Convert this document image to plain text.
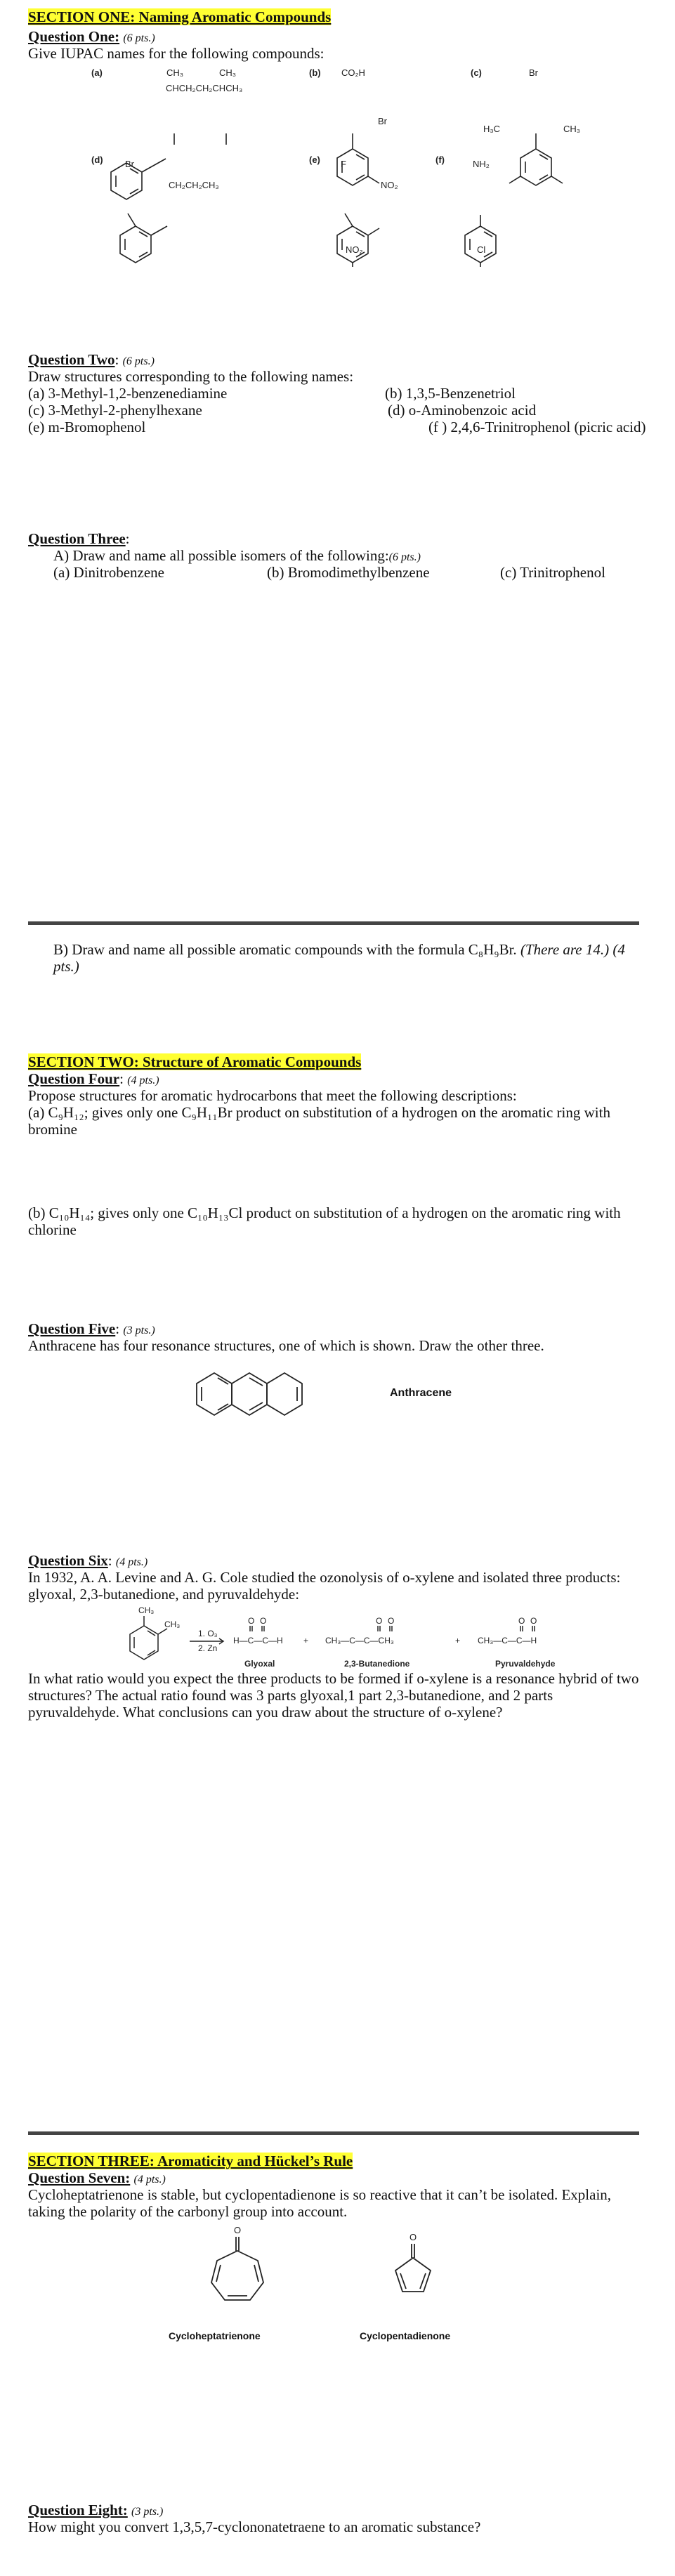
SECTION ONE: Naming Aromatic Compounds
Question One: (6 pts.)
Give IUPAC names for the following compounds:
(a)	(b)	(c)
(d)	(e)	(f)
CH₃	CH₃
CHCH₂CH₂CHCH₃
CO₂H
Br
Br
H₃C	CH₃
Br
CH₂CH₂CH₃
F
NO₂
NO₂
NH₂
Cl
Question Two: (6 pts.)
Draw structures corresponding to the following names:
(a) 3-Methyl-1,2-benzenediamine	(b) 1,3,5-Benzenetriol
(c) 3-Methyl-2-phenylhexane	(d) o-Aminobenzoic acid
(e) m-Bromophenol	(f ) 2,4,6-Trinitrophenol (picric acid)
Question Three:
A) Draw and name all possible isomers of the following:(6 pts.)
(a) Dinitrobenzene	(b) Bromodimethylbenzene	(c) Trinitrophenol
B) Draw and name all possible aromatic compounds with the formula C₈H₉Br. (There are 14.) (4 pts.)
SECTION TWO: Structure of Aromatic Compounds
Question Four: (4 pts.)
Propose structures for aromatic hydrocarbons that meet the following descriptions:
(a) C₉H₁₂; gives only one C₉H₁₁Br product on substitution of a hydrogen on the aromatic ring with bromine
(b) C₁₀H₁₄; gives only one C₁₀H₁₃Cl product on substitution of a hydrogen on the aromatic ring with chlorine
Question Five: (3 pts.)
Anthracene has four resonance structures, one of which is shown. Draw the other three.
Anthracene
Question Six: (4 pts.)
In 1932, A. A. Levine and A. G. Cole studied the ozonolysis of o-xylene and isolated three products: glyoxal, 2,3-butanedione, and pyruvaldehyde:
CH₃
CH₃
1. O₃
2. Zn
O O
H—C—C—H +
O O
CH₃—C—C—CH₃	+
O O
CH₃—C—C—H
Glyoxal	2,3-Butanedione	Pyruvaldehyde
In what ratio would you expect the three products to be formed if o-xylene is a resonance hybrid of two structures? The actual ratio found was 3 parts glyoxal,1 part 2,3-butanedione, and 2 parts pyruvaldehyde. What conclusions can you draw about the structure of o-xylene?
SECTION THREE: Aromaticity and Hückel’s Rule
Question Seven: (4 pts.)
Cycloheptatrienone is stable, but cyclopentadienone is so reactive that it can’t be isolated. Explain, taking the polarity of the carbonyl group into account.
O
O
Cycloheptatrienone	Cyclopentadienone
Question Eight: (3 pts.)
How might you convert 1,3,5,7-cyclononatetraene to an aromatic substance?
